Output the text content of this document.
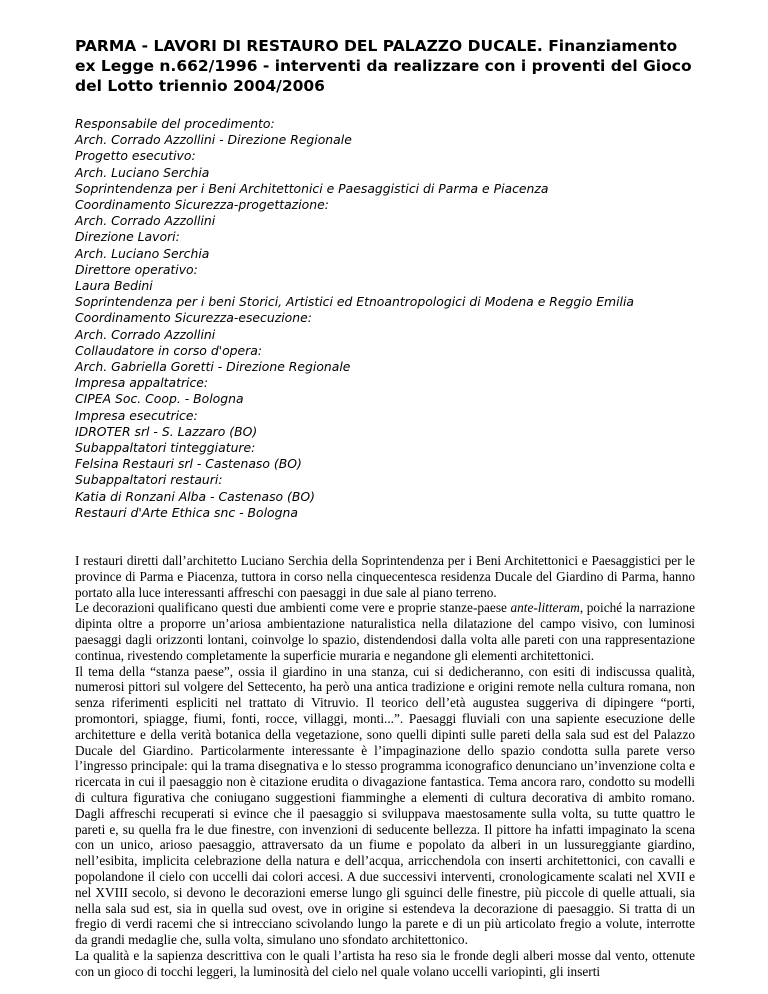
PARMA - LAVORI DI RESTAURO DEL PALAZZO DUCALE. Finanziamento ex Legge n.662/1996 - interventi da realizzare con i proventi del Gioco del Lotto triennio 2004/2006
Responsabile del procedimento:
Arch. Corrado Azzollini - Direzione Regionale
Progetto esecutivo:
Arch. Luciano Serchia
Soprintendenza per i Beni Architettonici e Paesaggistici di Parma e Piacenza
Coordinamento Sicurezza-progettazione:
Arch. Corrado Azzollini
Direzione Lavori:
Arch. Luciano Serchia
Direttore operativo:
Laura Bedini
Soprintendenza per i beni Storici, Artistici ed Etnoantropologici di Modena e Reggio Emilia
Coordinamento Sicurezza-esecuzione:
Arch. Corrado Azzollini
Collaudatore in corso d'opera:
Arch. Gabriella Goretti - Direzione Regionale
Impresa appaltatrice:
CIPEA Soc. Coop. - Bologna
Impresa esecutrice:
IDROTER srl - S. Lazzaro (BO)
Subappaltatori tinteggiature:
Felsina Restauri srl - Castenaso (BO)
Subappaltatori restauri:
Katia di Ronzani Alba - Castenaso (BO)
Restauri d'Arte Ethica snc - Bologna

I restauri diretti dall’architetto Luciano Serchia della Soprintendenza per i Beni Architettonici e Paesaggistici per le province di Parma e Piacenza, tuttora in corso nella cinquecentesca residenza Ducale del Giardino di Parma, hanno portato alla luce interessanti affreschi con paesaggi in due sale al piano terreno.

Le decorazioni qualificano questi due ambienti come vere e proprie stanze-paese ante-litteram, poiché la narrazione dipinta oltre a proporre un’ariosa ambientazione naturalistica nella dilatazione del campo visivo, con luminosi paesaggi dagli orizzonti lontani, coinvolge lo spazio, distendendosi dalla volta alle pareti con una rappresentazione continua, rivestendo completamente la superficie muraria e negandone gli elementi architettonici.

Il tema della “stanza paese”, ossia il giardino in una stanza, cui si dedicheranno, con esiti di indiscussa qualità, numerosi pittori sul volgere del Settecento, ha però una antica tradizione e origini remote nella cultura romana, non senza riferimenti espliciti nel trattato di Vitruvio. Il teorico dell’età augustea suggeriva di dipingere “porti, promontori, spiagge, fiumi, fonti, rocce, villaggi, monti...”. Paesaggi fluviali con una sapiente esecuzione delle architetture e della verità botanica della vegetazione, sono quelli dipinti sulle pareti della sala sud est del Palazzo Ducale del Giardino. Particolarmente interessante è l’impaginazione dello spazio condotta sulla parete verso l’ingresso principale: qui la trama disegnativa e lo stesso programma iconografico denunciano un’invenzione colta e ricercata in cui il paesaggio non è citazione erudita o divagazione fantastica. Tema ancora raro, condotto su modelli di cultura figurativa che coniugano suggestioni fiamminghe a elementi di cultura decorativa di ambito romano. Dagli affreschi recuperati si evince che il paesaggio si sviluppava maestosamente sulla volta, su tutte quattro le pareti e, su quella fra le due finestre, con invenzioni di seducente bellezza. Il pittore ha infatti impaginato la scena con un unico, arioso paesaggio, attraversato da un fiume e popolato da alberi in un lussureggiante giardino, nell’esibita, implicita celebrazione della natura e dell’acqua, arricchendola con inserti architettonici, con cavalli e popolandone il cielo con uccelli dai colori accesi. A due successivi interventi, cronologicamente scalati nel XVII e nel XVIII secolo, si devono le decorazioni emerse lungo gli sguinci delle finestre, più piccole di quelle attuali, sia nella sala sud est, sia in quella sud ovest, ove in origine si estendeva la decorazione di paesaggio. Si tratta di un fregio di verdi racemi che si intrecciano scivolando lungo la parete e di un più articolato fregio a volute, interrotte da grandi medaglie che, sulla volta, simulano uno sfondato architettonico.

La qualità e la sapienza descrittiva con le quali l’artista ha reso sia le fronde degli alberi mosse dal vento, ottenute con un gioco di tocchi leggeri, la luminosità del cielo nel quale volano uccelli variopinti, gli inserti
